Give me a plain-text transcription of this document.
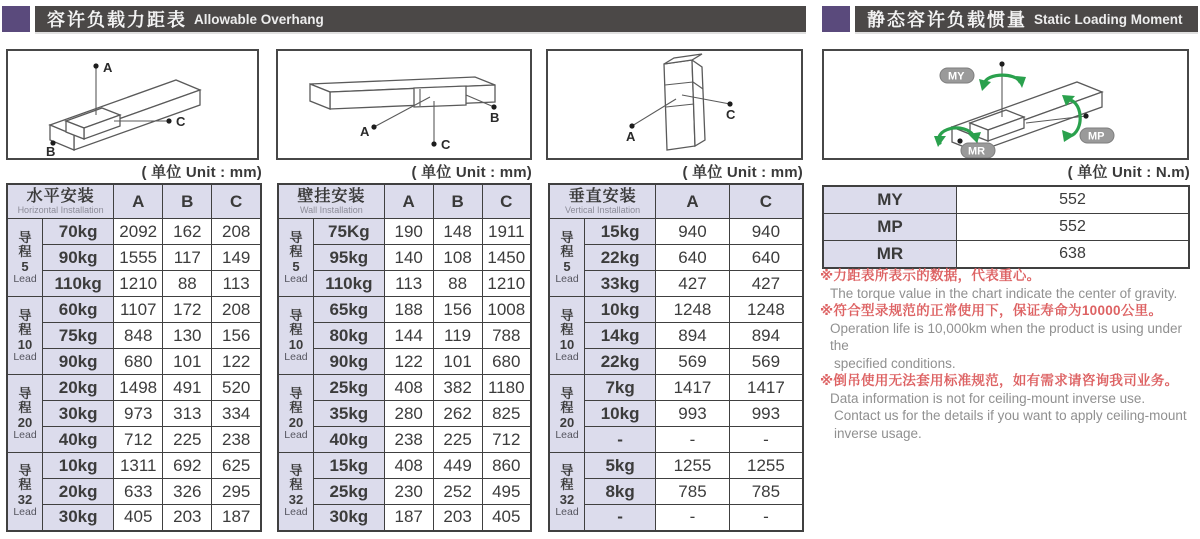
容许负载力距表 Allowable Overhang	静态容许负载惯量 Static Loading Moment
A
C
B
A
C
B
A
C
MY
MP
MR
( 单位 Unit : mm)	( 单位 Unit : mm)	( 单位 Unit : mm)	( 单位 Unit : N.m)
水平安装
Horizontal Installation		A	B	C

导
程
5
Lead	70kg	2092	162	208
	90kg	1555	117	149
	110kg	1210	88	113

导
程
10
Lead	60kg	1107	172	208
	75kg	848	130	156
	90kg	680	101	122

导
程
20
Lead	20kg	1498	491	520
	30kg	973	313	334
	40kg	712	225	238

导
程
32
Lead	10kg	1311	692	625
	20kg	633	326	295
	30kg	405	203	187
壁挂安装
Wall Installation		A	B	C

导
程
5
Lead	75Kg	190	148	1911
	95kg	140	108	1450
	110kg	113	88	1210

导
程
10
Lead	65kg	188	156	1008
	80kg	144	119	788
	90kg	122	101	680

导
程
20
Lead	25kg	408	382	1180
	35kg	280	262	825
	40kg	238	225	712

导
程
32
Lead	15kg	408	449	860
	25kg	230	252	495
	30kg	187	203	405
垂直安装
Vertical Installation		A	C

导
程
5
Lead	15kg	940	940
	22kg	640	640
	33kg	427	427

导
程
10
Lead	10kg	1248	1248
	14kg	894	894
	22kg	569	569

导
程
20
Lead	7kg	1417	1417
	10kg	993	993
	-	-	-

导
程
32
Lead	5kg	1255	1255
	8kg	785	785
	-	-	-
MY	552
MP	552
MR	638
※力距表所表示的数据，代表重心。
The torque value in the chart indicate the center of gravity.
※符合型录规范的正常使用下，保证寿命为10000公里。
Operation life is 10,000km when the product is using under the
specified conditions.
※倒吊使用无法套用标准规范，如有需求请咨询我司业务。
Data information is not for ceiling-mount inverse use.
Contact us for the details if you want to apply ceiling-mount
inverse usage.
